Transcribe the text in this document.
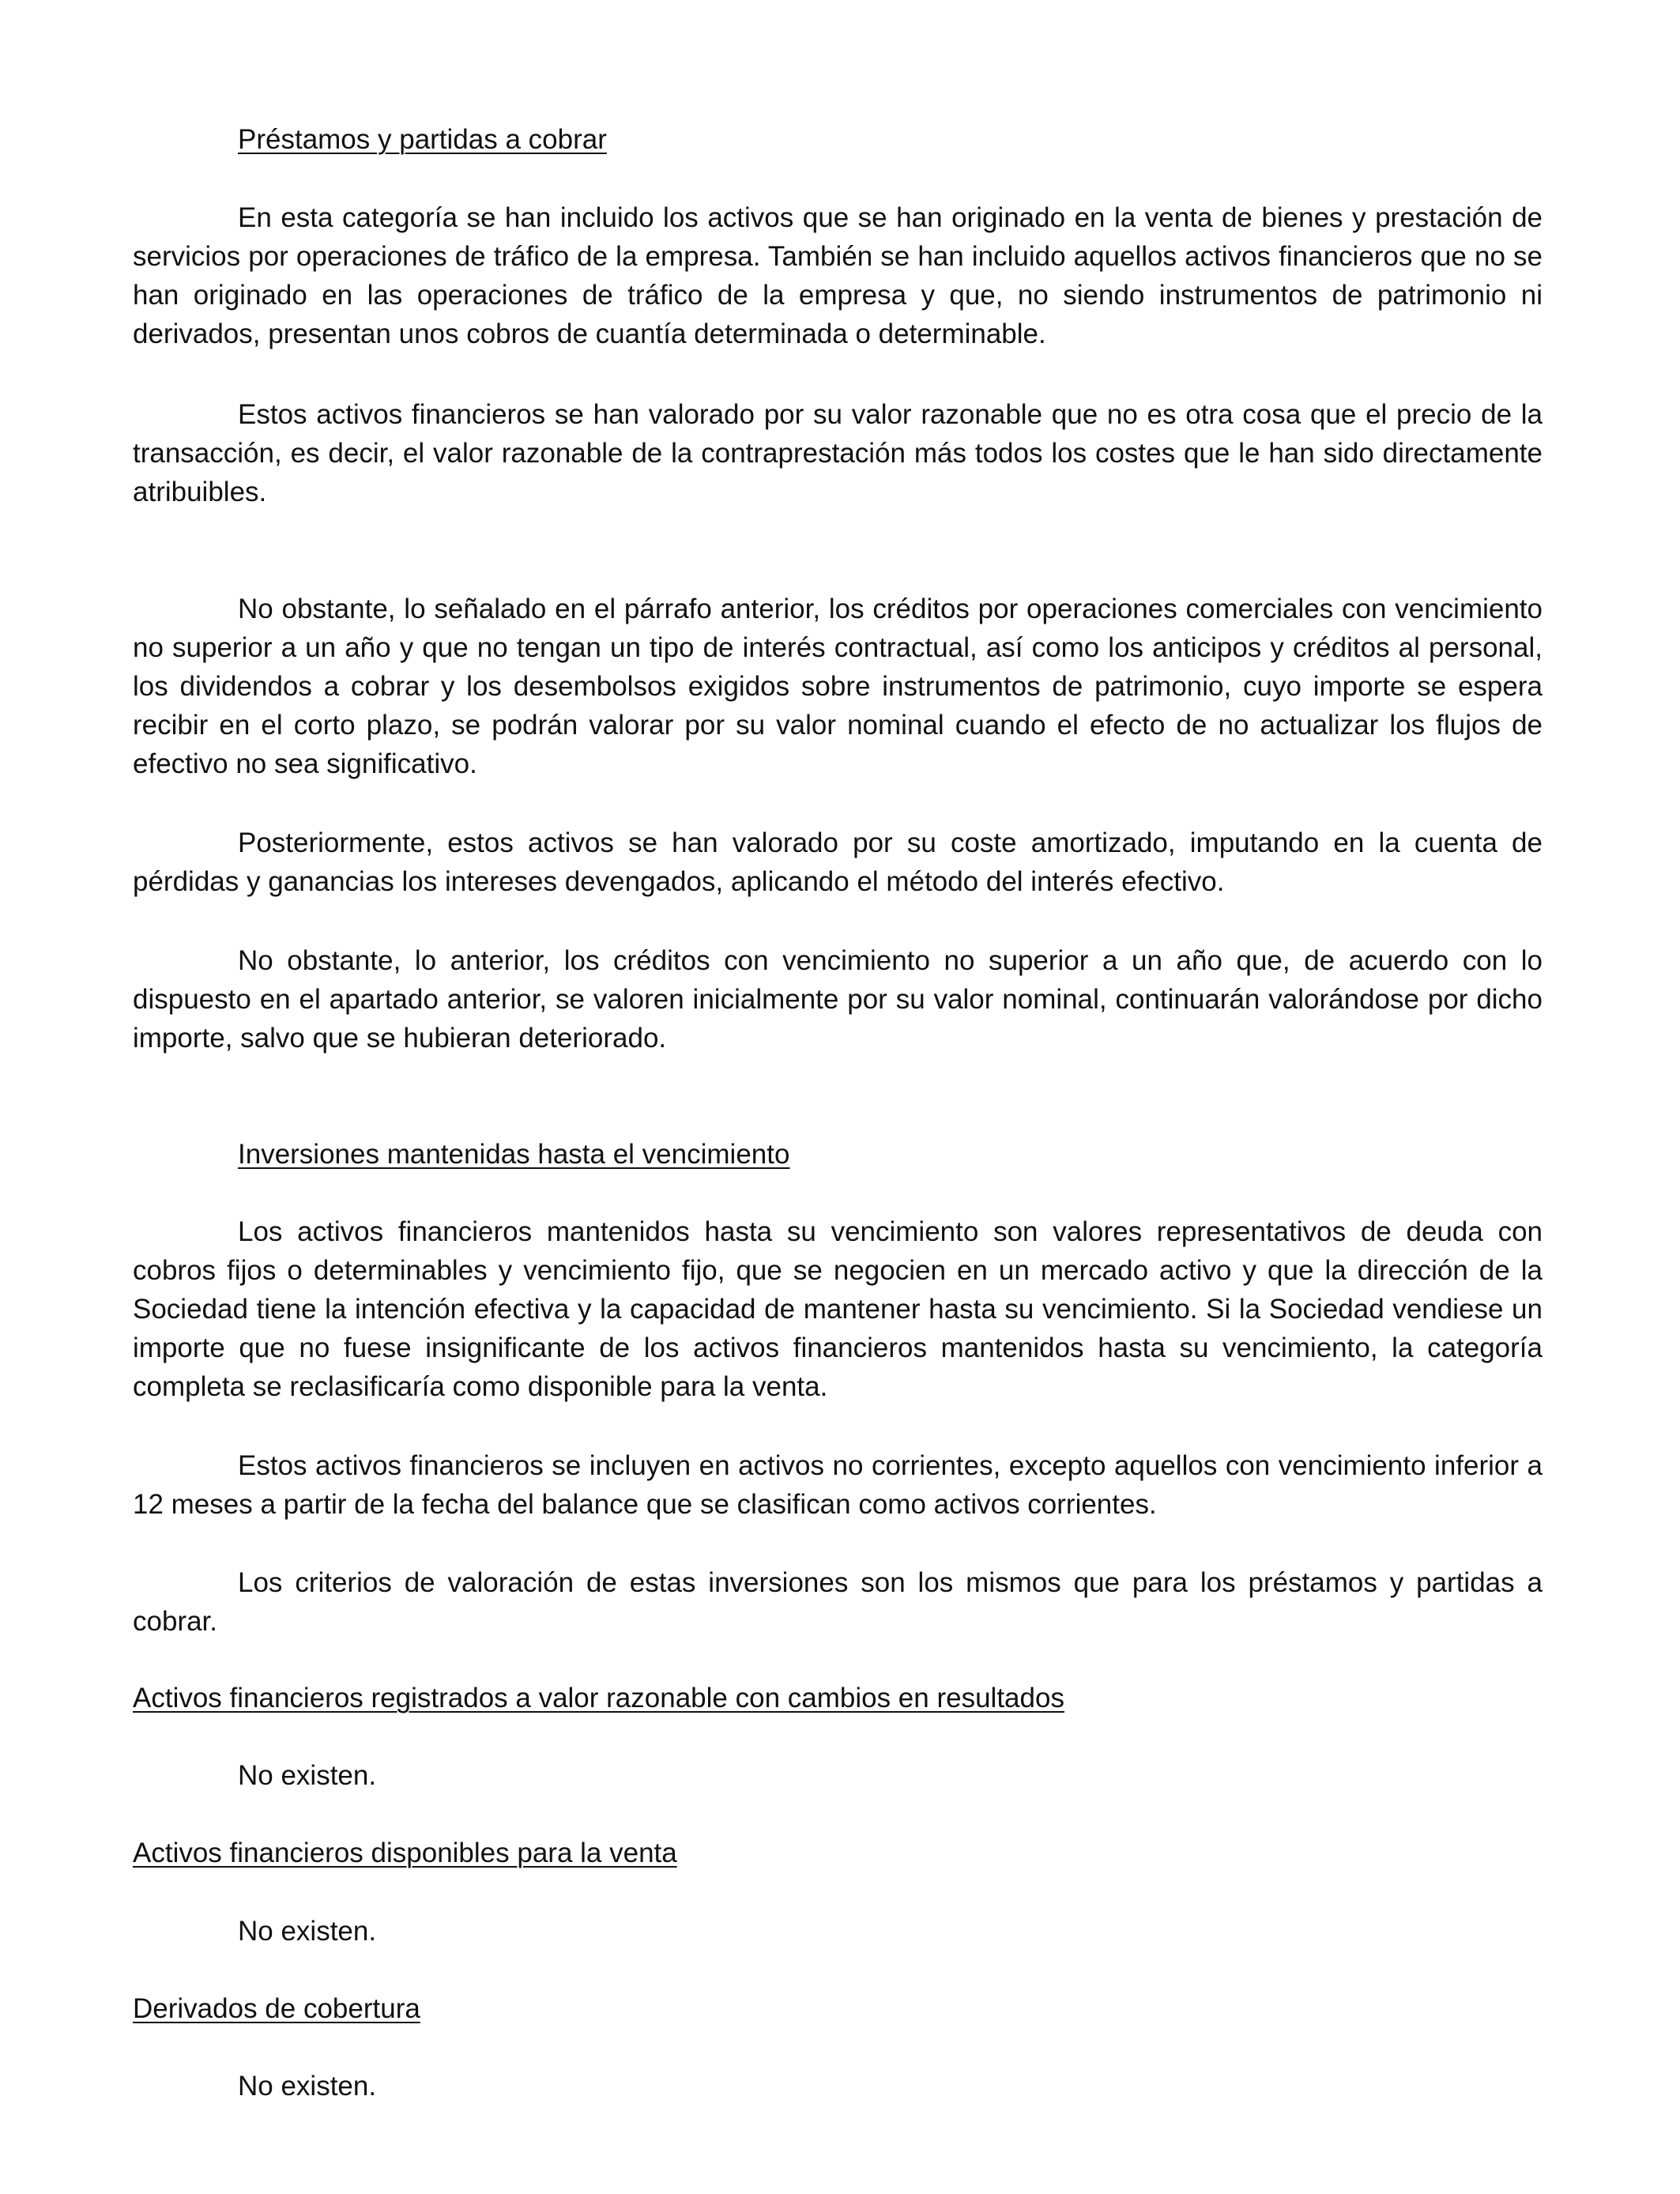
Préstamos y partidas a cobrar

En esta categoría se han incluido los activos que se han originado en la venta de bienes y prestación de servicios por operaciones de tráfico de la empresa. También se han incluido aquellos activos financieros que no se han originado en las operaciones de tráfico de la empresa y que, no siendo instrumentos de patrimonio ni derivados, presentan unos cobros de cuantía determinada o determinable.

Estos activos financieros se han valorado por su valor razonable que no es otra cosa que el precio de la transacción, es decir, el valor razonable de la contraprestación más todos los costes que le han sido directamente atribuibles.

No obstante, lo señalado en el párrafo anterior, los créditos por operaciones comerciales con vencimiento no superior a un año y que no tengan un tipo de interés contractual, así como los anticipos y créditos al personal, los dividendos a cobrar y los desembolsos exigidos sobre instrumentos de patrimonio, cuyo importe se espera recibir en el corto plazo, se podrán valorar por su valor nominal cuando el efecto de no actualizar los flujos de efectivo no sea significativo.

Posteriormente, estos activos se han valorado por su coste amortizado, imputando en la cuenta de pérdidas y ganancias los intereses devengados, aplicando el método del interés efectivo.

No obstante, lo anterior, los créditos con vencimiento no superior a un año que, de acuerdo con lo dispuesto en el apartado anterior, se valoren inicialmente por su valor nominal, continuarán valorándose por dicho importe, salvo que se hubieran deteriorado.

Inversiones mantenidas hasta el vencimiento

Los activos financieros mantenidos hasta su vencimiento son valores representativos de deuda con cobros fijos o determinables y vencimiento fijo, que se negocien en un mercado activo y que la dirección de la Sociedad tiene la intención efectiva y la capacidad de mantener hasta su vencimiento. Si la Sociedad vendiese un importe que no fuese insignificante de los activos financieros mantenidos hasta su vencimiento, la categoría completa se reclasificaría como disponible para la venta.

Estos activos financieros se incluyen en activos no corrientes, excepto aquellos con vencimiento inferior a 12 meses a partir de la fecha del balance que se clasifican como activos corrientes.

Los criterios de valoración de estas inversiones son los mismos que para los préstamos y partidas a cobrar.

Activos financieros registrados a valor razonable con cambios en resultados

No existen.

Activos financieros disponibles para la venta

No existen.

Derivados de cobertura

No existen.
